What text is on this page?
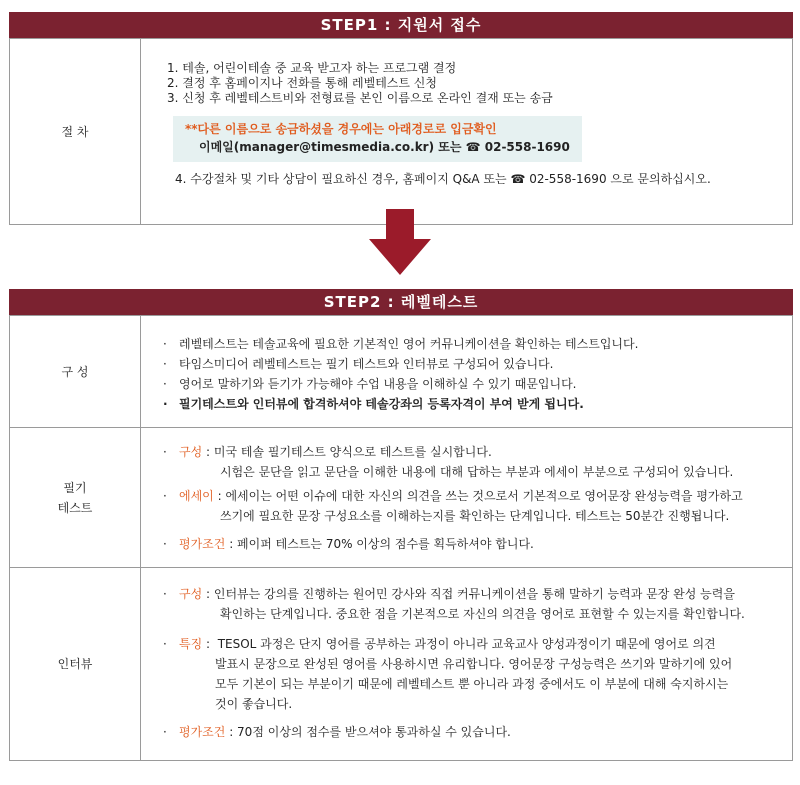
STEP1 : 지원서 접수
절 차

1. 테솔, 어린이테솔 중 교육 받고자 하는 프로그램 결정

2. 결정 후 홈페이지나 전화를 통해 레벨테스트 신청

3. 신청 후 레벨테스트비와 전형료를 본인 이름으로 온라인 결재 또는 송금

**다른 이름으로 송금하셨을 경우에는 아래경로로 입금확인
이메일(manager@timesmedia.co.kr) 또는 ☎ 02-558-1690

4. 수강절차 및 기타 상담이 필요하신 경우, 홈페이지 Q&A 또는 ☎ 02-558-1690 으로 문의하십시오.

STEP2 : 레벨테스트
구 성
·	레벨테스트는 테솔교육에 필요한 기본적인 영어 커뮤니케이션을 확인하는 테스트입니다.
·	타임스미디어 레벨테스트는 필기 테스트와 인터뷰로 구성되어 있습니다.
·	영어로 말하기와 듣기가 가능해야 수업 내용을 이해하실 수 있기 때문입니다.
· 필기테스트와 인터뷰에 합격하셔야 테솔강좌의 등록자격이 부여 받게 됩니다.
필기
테스트
·	구성 : 미국 테솔 필기테스트 양식으로 테스트를 실시합니다.
시험은 문단을 읽고 문단을 이해한 내용에 대해 답하는 부분과 에세이 부분으로 구성되어 있습니다.
·	에세이 : 에세이는 어떤 이슈에 대한 자신의 의견을 쓰는 것으로서 기본적으로 영어문장 완성능력을 평가하고
쓰기에 필요한 문장 구성요소를 이해하는지를 확인하는 단계입니다. 테스트는 50분간 진행됩니다.
·	평가조건 : 페이퍼 테스트는 70% 이상의 점수를 획득하셔야 합니다.
인터뷰
·	구성 : 인터뷰는 강의를 진행하는 원어민 강사와 직접 커뮤니케이션을 통해 말하기 능력과 문장 완성 능력을
확인하는 단계입니다. 중요한 점을 기본적으로 자신의 의견을 영어로 표현할 수 있는지를 확인합니다.
·	특징 :  TESOL 과정은 단지 영어를 공부하는 과정이 아니라 교육교사 양성과정이기 때문에 영어로 의견
발표시 문장으로 완성된 영어를 사용하시면 유리합니다. 영어문장 구성능력은 쓰기와 말하기에 있어
모두 기본이 되는 부분이기 때문에 레벨테스트 뿐 아니라 과정 중에서도 이 부분에 대해 숙지하시는
것이 좋습니다.
·	평가조건 : 70점 이상의 점수를 받으셔야 통과하실 수 있습니다.
